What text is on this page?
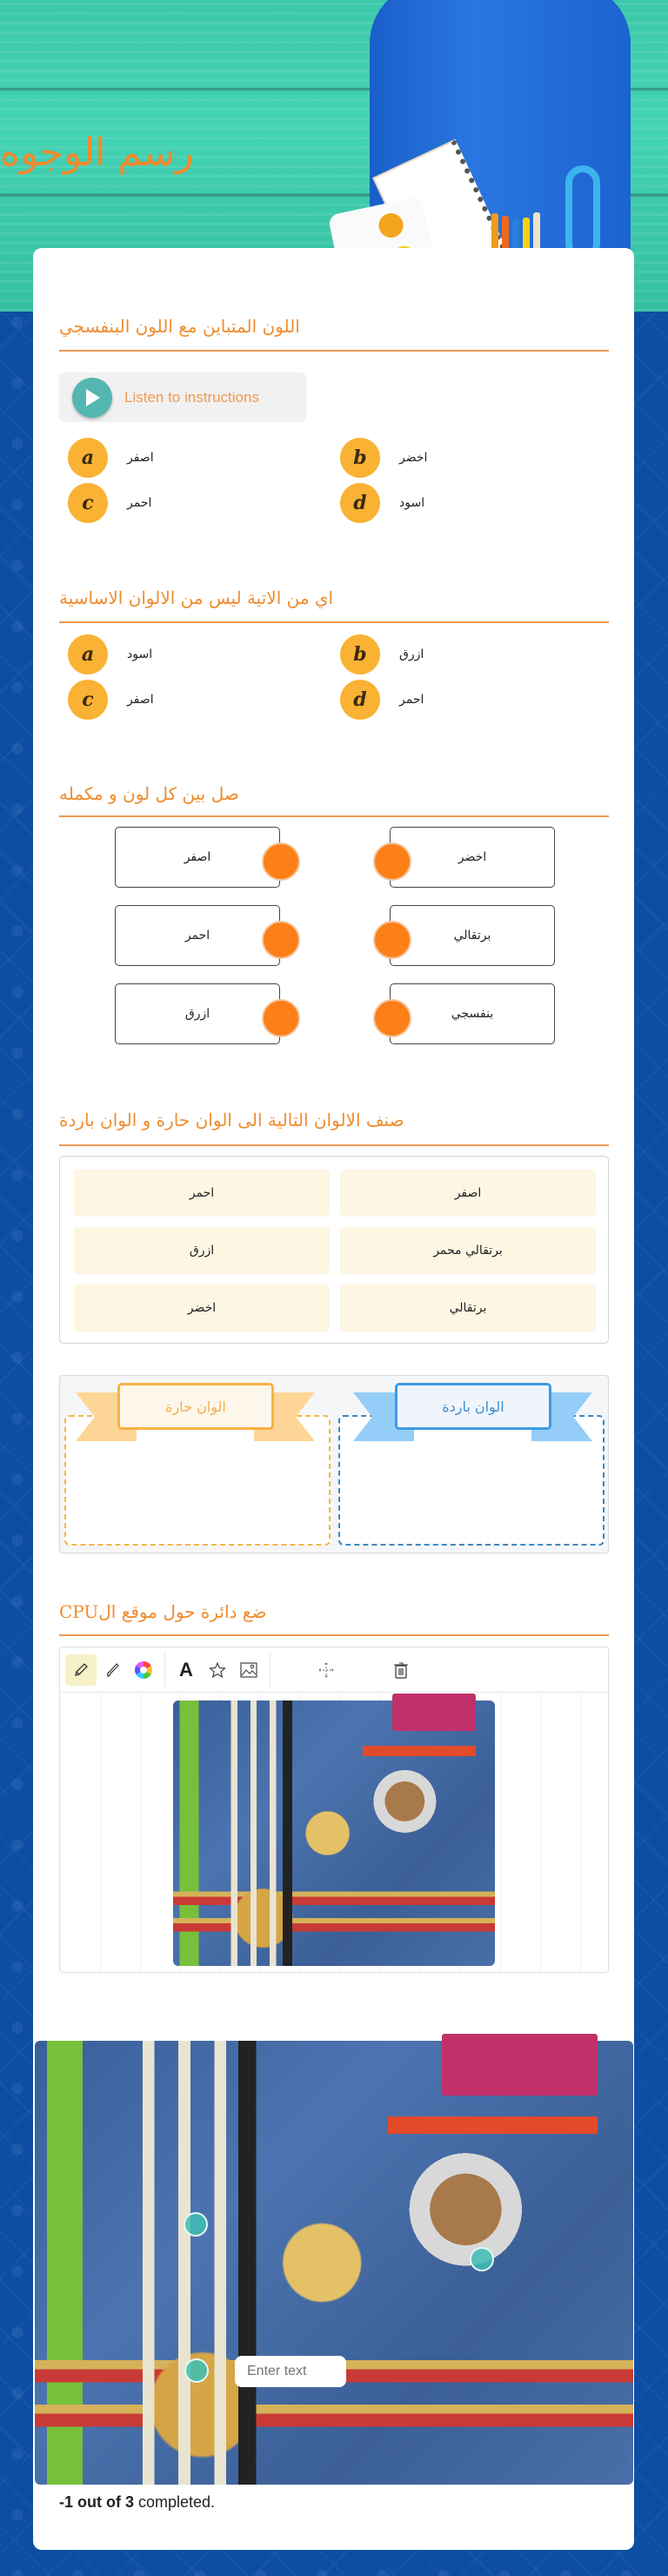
رسم الوجوه
اللون المتباين مع اللون البنفسجي
Listen to instructions
a	اصفر	b	اخضر
c	احمر	d	اسود
اي من الاتية ليس من الالوان الاساسية
a	اسود	b	ازرق
c	اصفر	d	احمر
صل بين كل لون و مكمله
اصفر	اخضر
احمر	برتقالي
ازرق	بنفسجي
صنف الالوان التالية الى الوان حارة و الوان باردة
احمر	اصفر
ازرق	برتقالي محمر
اخضر	برتقالي
الوان حارة	الوان باردة
ضع دائرة حول موقع الCPU
A
Enter text
-1 out of 3 completed.
